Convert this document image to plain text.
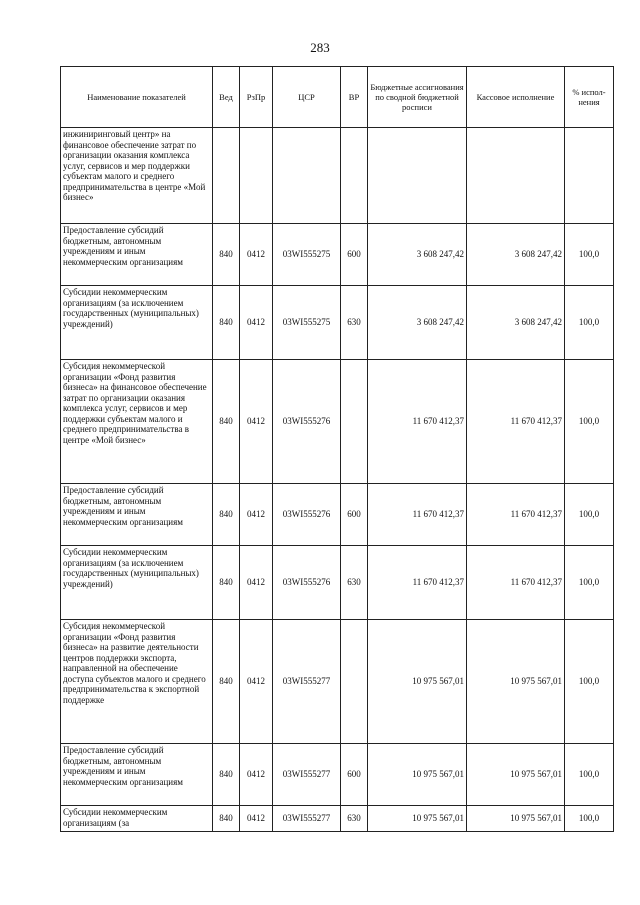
283
Наименование показателей	Вед	РзПр	ЦСР	ВР	Бюджетные ассигнования по сводной бюджетной росписи	Кассовое исполнение	% испол-нения
инжиниринговый центр» на финансовое обеспечение затрат по организации оказания комплекса услуг, сервисов и мер поддержки субъектам малого и среднего предпринимательства в центре «Мой бизнес»							
Предоставление субсидий бюджетным, автономным учреждениям и иным некоммерческим организациям	840	0412	03WI555275	600	3 608 247,42	3 608 247,42	100,0
Субсидии некоммерческим организациям (за исключением государственных (муниципальных) учреждений)	840	0412	03WI555275	630	3 608 247,42	3 608 247,42	100,0
Субсидия некоммерческой организации «Фонд развития бизнеса» на финансовое обеспечение затрат по организации оказания комплекса услуг, сервисов и мер поддержки субъектам малого и среднего предпринимательства в центре «Мой бизнес»	840	0412	03WI555276		11 670 412,37	11 670 412,37	100,0
Предоставление субсидий бюджетным, автономным учреждениям и иным некоммерческим организациям	840	0412	03WI555276	600	11 670 412,37	11 670 412,37	100,0
Субсидии некоммерческим организациям (за исключением государственных (муниципальных) учреждений)	840	0412	03WI555276	630	11 670 412,37	11 670 412,37	100,0
Субсидия некоммерческой организации «Фонд развития бизнеса» на развитие деятельности центров поддержки экспорта, направленной на обеспечение доступа субъектов малого и среднего предпринимательства к экспортной поддержке	840	0412	03WI555277		10 975 567,01	10 975 567,01	100,0
Предоставление субсидий бюджетным, автономным учреждениям и иным некоммерческим организациям	840	0412	03WI555277	600	10 975 567,01	10 975 567,01	100,0
Субсидии некоммерческим организациям (за	840	0412	03WI555277	630	10 975 567,01	10 975 567,01	100,0
